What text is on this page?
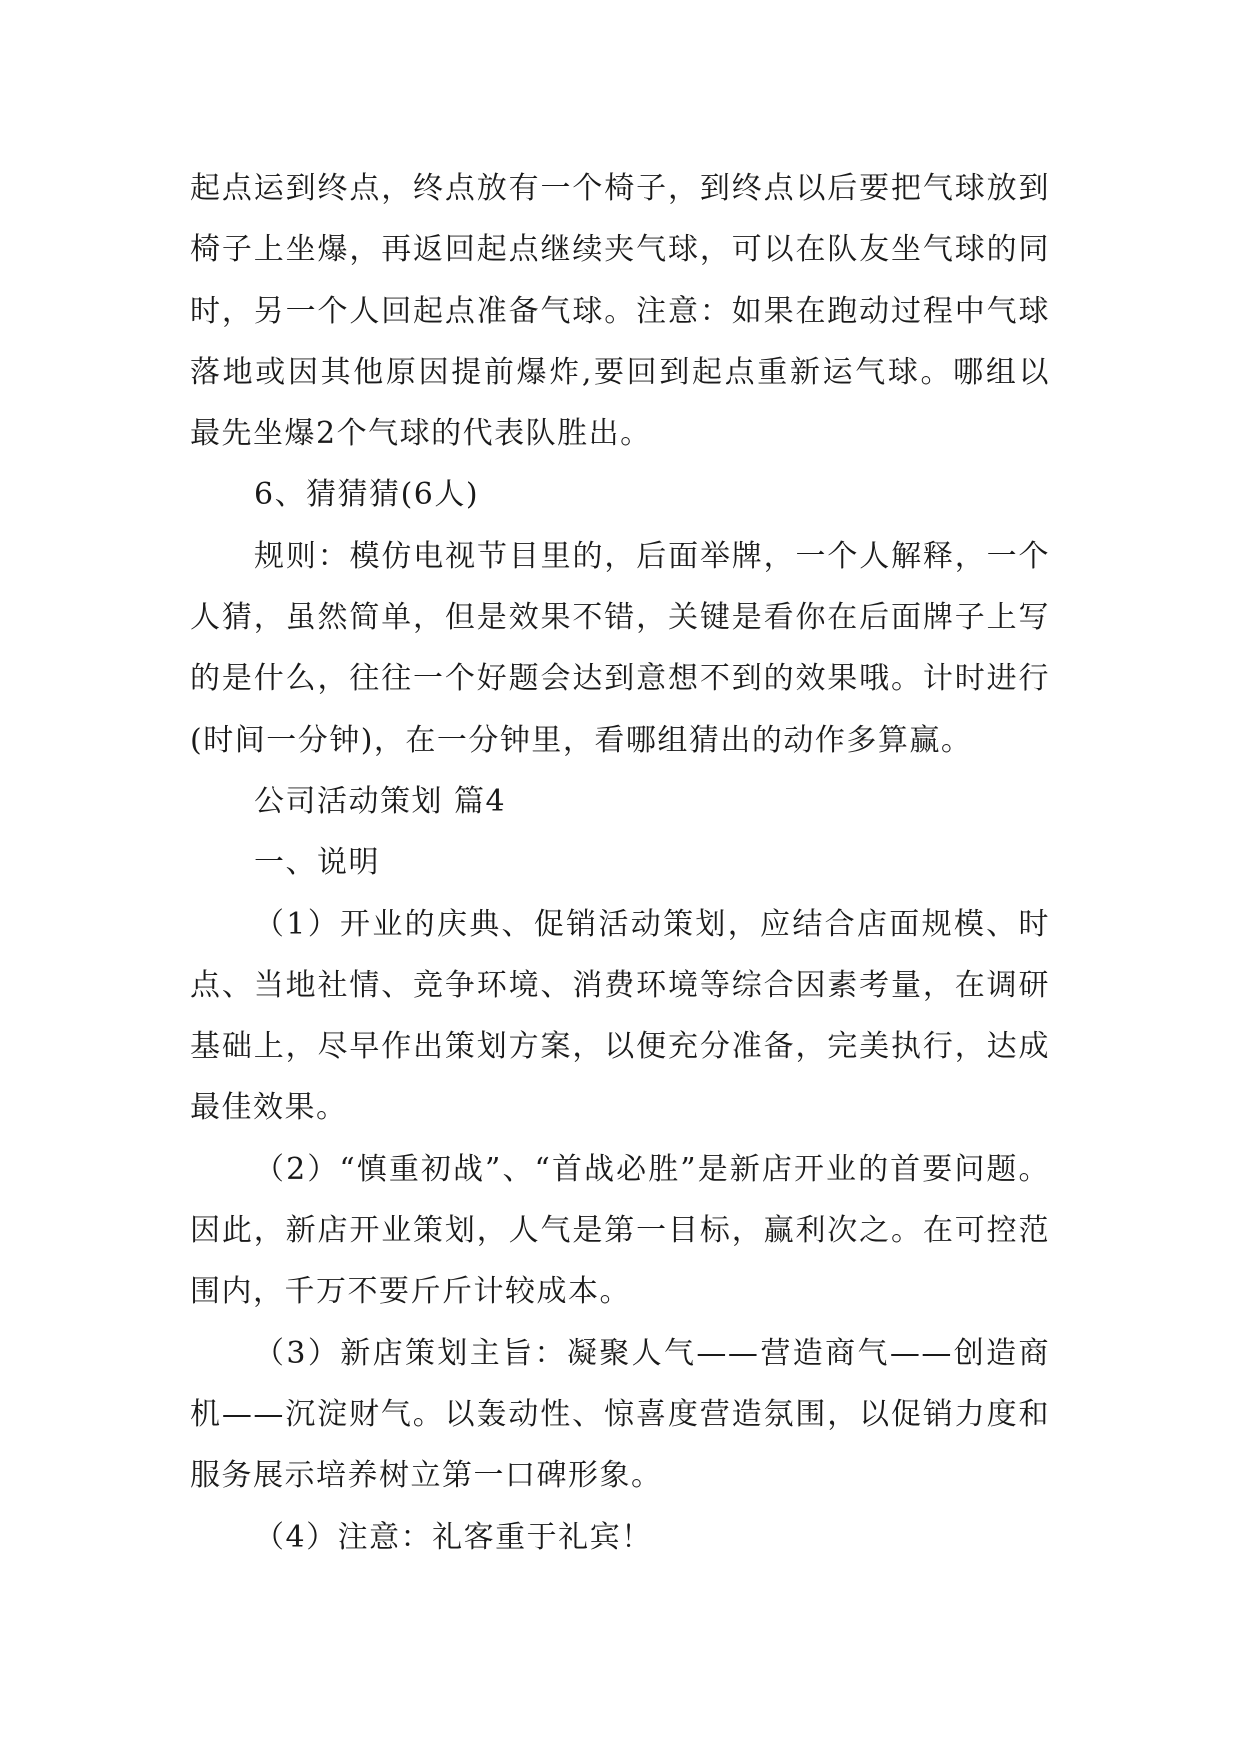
起点运到终点，终点放有一个椅子，到终点以后要把气球放到椅子上坐爆，再返回起点继续夹气球，可以在队友坐气球的同时，另一个人回起点准备气球。注意：如果在跑动过程中气球落地或因其他原因提前爆炸,要回到起点重新运气球。哪组以最先坐爆2个气球的代表队胜出。

6、猜猜猜(6人)

规则：模仿电视节目里的，后面举牌，一个人解释，一个人猜，虽然简单，但是效果不错，关键是看你在后面牌子上写的是什么，往往一个好题会达到意想不到的效果哦。计时进行(时间一分钟)，在一分钟里，看哪组猜出的动作多算赢。

公司活动策划 篇4

一、说明

（1）开业的庆典、促销活动策划，应结合店面规模、时点、当地社情、竞争环境、消费环境等综合因素考量，在调研基础上，尽早作出策划方案，以便充分准备，完美执行，达成最佳效果。

（2）“慎重初战”、“首战必胜”是新店开业的首要问题。因此，新店开业策划，人气是第一目标，赢利次之。在可控范围内，千万不要斤斤计较成本。

（3）新店策划主旨：凝聚人气——营造商气——创造商机——沉淀财气。以轰动性、惊喜度营造氛围，以促销力度和服务展示培养树立第一口碑形象。

（4）注意：礼客重于礼宾！
